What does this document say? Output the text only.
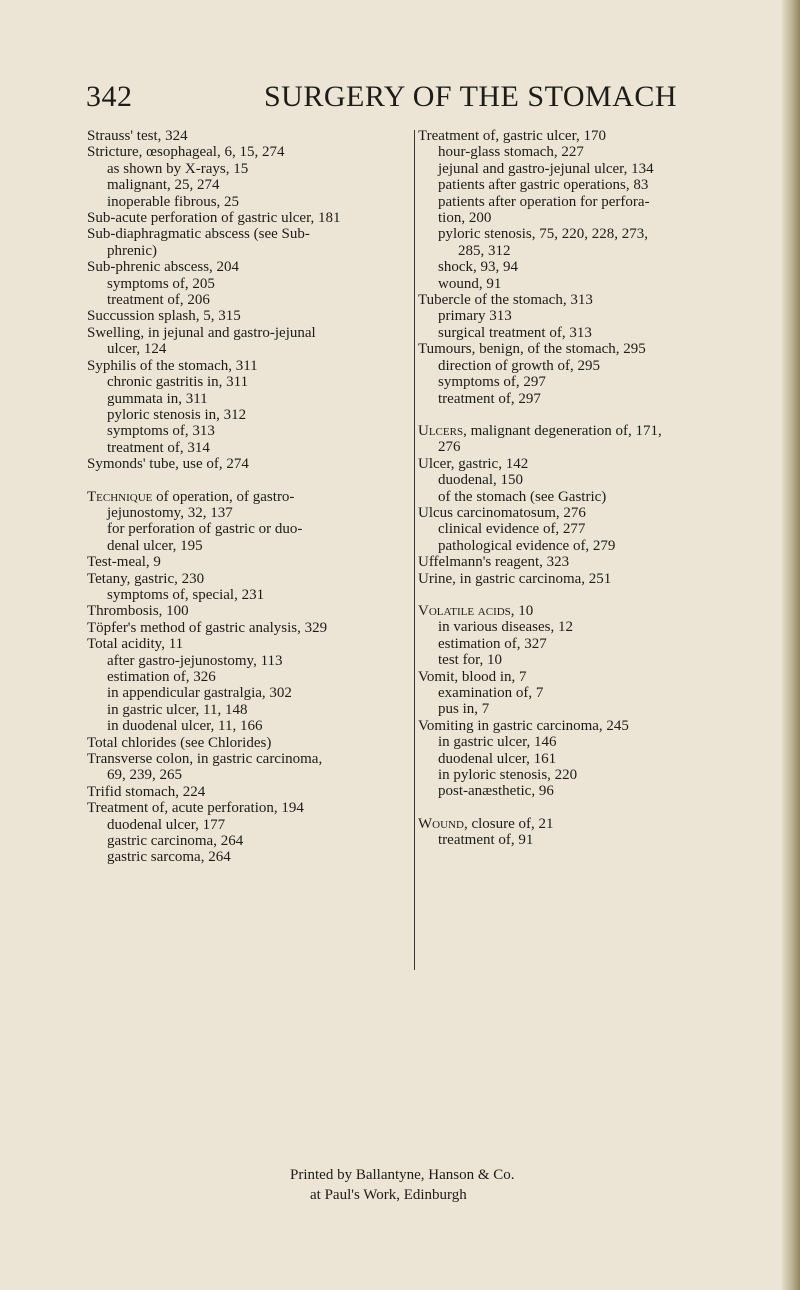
342	SURGERY OF THE STOMACH
Strauss' test, 324
Stricture, œsophageal, 6, 15, 274
as shown by X-rays, 15
malignant, 25, 274
inoperable fibrous, 25
Sub-acute perforation of gastric ulcer, 181
Sub-diaphragmatic abscess (see Sub-
phrenic)
Sub-phrenic abscess, 204
symptoms of, 205
treatment of, 206
Succussion splash, 5, 315
Swelling, in jejunal and gastro-jejunal
ulcer, 124
Syphilis of the stomach, 311
chronic gastritis in, 311
gummata in, 311
pyloric stenosis in, 312
symptoms of, 313
treatment of, 314
Symonds' tube, use of, 274
Technique of operation, of gastro-
jejunostomy, 32, 137
for perforation of gastric or duo-
denal ulcer, 195
Test-meal, 9
Tetany, gastric, 230
symptoms of, special, 231
Thrombosis, 100
Töpfer's method of gastric analysis, 329
Total acidity, 11
after gastro-jejunostomy, 113
estimation of, 326
in appendicular gastralgia, 302
in gastric ulcer, 11, 148
in duodenal ulcer, 11, 166
Total chlorides (see Chlorides)
Transverse colon, in gastric carcinoma,
69, 239, 265
Trifid stomach, 224
Treatment of, acute perforation, 194
duodenal ulcer, 177
gastric carcinoma, 264
gastric sarcoma, 264
Treatment of, gastric ulcer, 170
hour-glass stomach, 227
jejunal and gastro-jejunal ulcer, 134
patients after gastric operations, 83
patients after operation for perfora-
tion, 200
pyloric stenosis, 75, 220, 228, 273,
285, 312
shock, 93, 94
wound, 91
Tubercle of the stomach, 313
primary 313
surgical treatment of, 313
Tumours, benign, of the stomach, 295
direction of growth of, 295
symptoms of, 297
treatment of, 297
Ulcers, malignant degeneration of, 171,
276
Ulcer, gastric, 142
duodenal, 150
of the stomach (see Gastric)
Ulcus carcinomatosum, 276
clinical evidence of, 277
pathological evidence of, 279
Uffelmann's reagent, 323
Urine, in gastric carcinoma, 251
Volatile acids, 10
in various diseases, 12
estimation of, 327
test for, 10
Vomit, blood in, 7
examination of, 7
pus in, 7
Vomiting in gastric carcinoma, 245
in gastric ulcer, 146
duodenal ulcer, 161
in pyloric stenosis, 220
post-anæsthetic, 96
Wound, closure of, 21
treatment of, 91
Printed by Ballantyne, Hanson & Co.
at Paul's Work, Edinburgh
